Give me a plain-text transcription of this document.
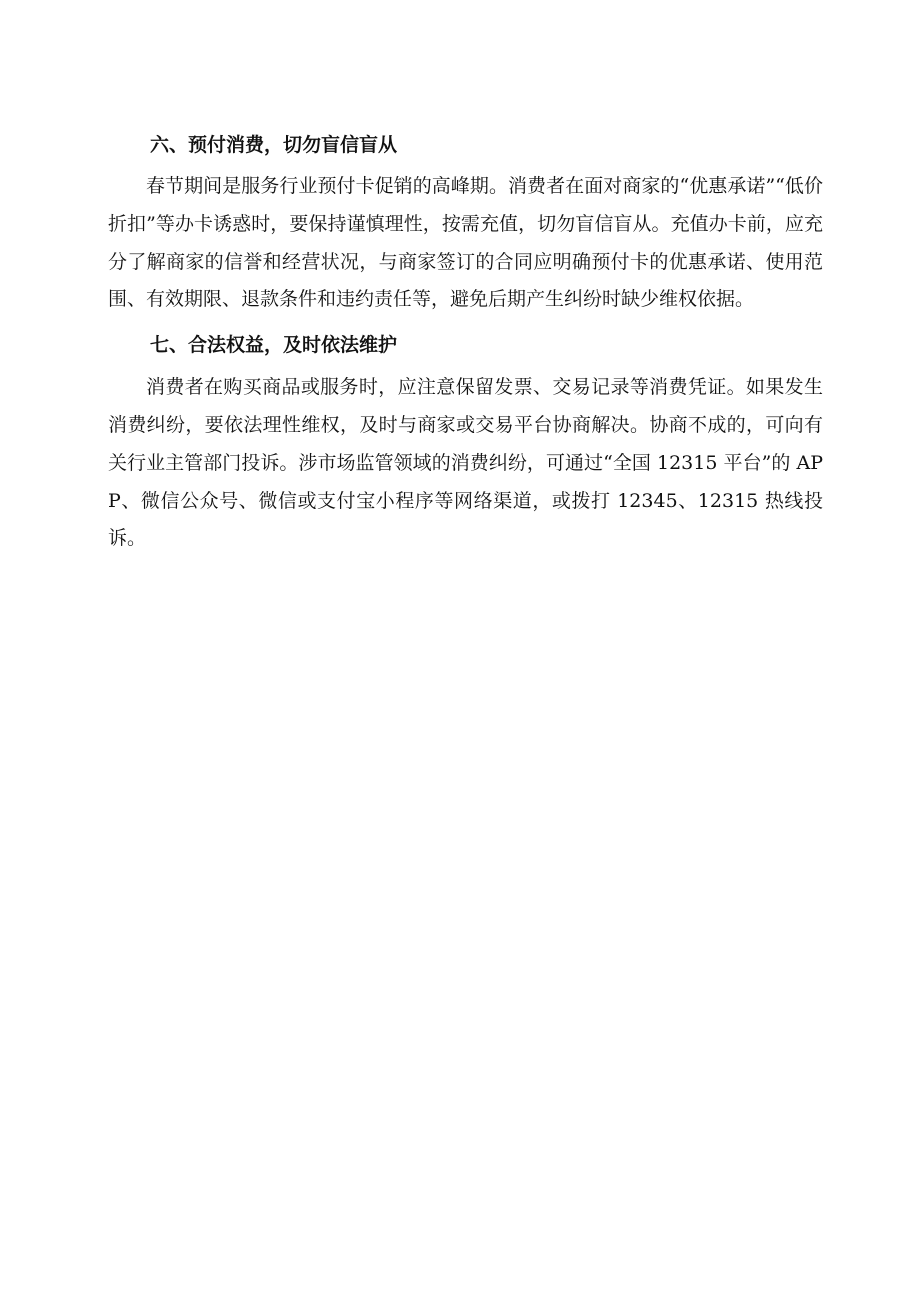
六、预付消费，切勿盲信盲从

春节期间是服务行业预付卡促销的高峰期。消费者在面对商家的“优惠承诺”“低价折扣”等办卡诱惑时，要保持谨慎理性，按需充值，切勿盲信盲从。充值办卡前，应充分了解商家的信誉和经营状况，与商家签订的合同应明确预付卡的优惠承诺、使用范围、有效期限、退款条件和违约责任等，避免后期产生纠纷时缺少维权依据。

七、合法权益，及时依法维护

消费者在购买商品或服务时，应注意保留发票、交易记录等消费凭证。如果发生消费纠纷，要依法理性维权，及时与商家或交易平台协商解决。协商不成的，可向有关行业主管部门投诉。涉市场监管领域的消费纠纷，可通过“全国 12315 平台”的 APP、微信公众号、微信或支付宝小程序等网络渠道，或拨打 12345、12315 热线投诉。
